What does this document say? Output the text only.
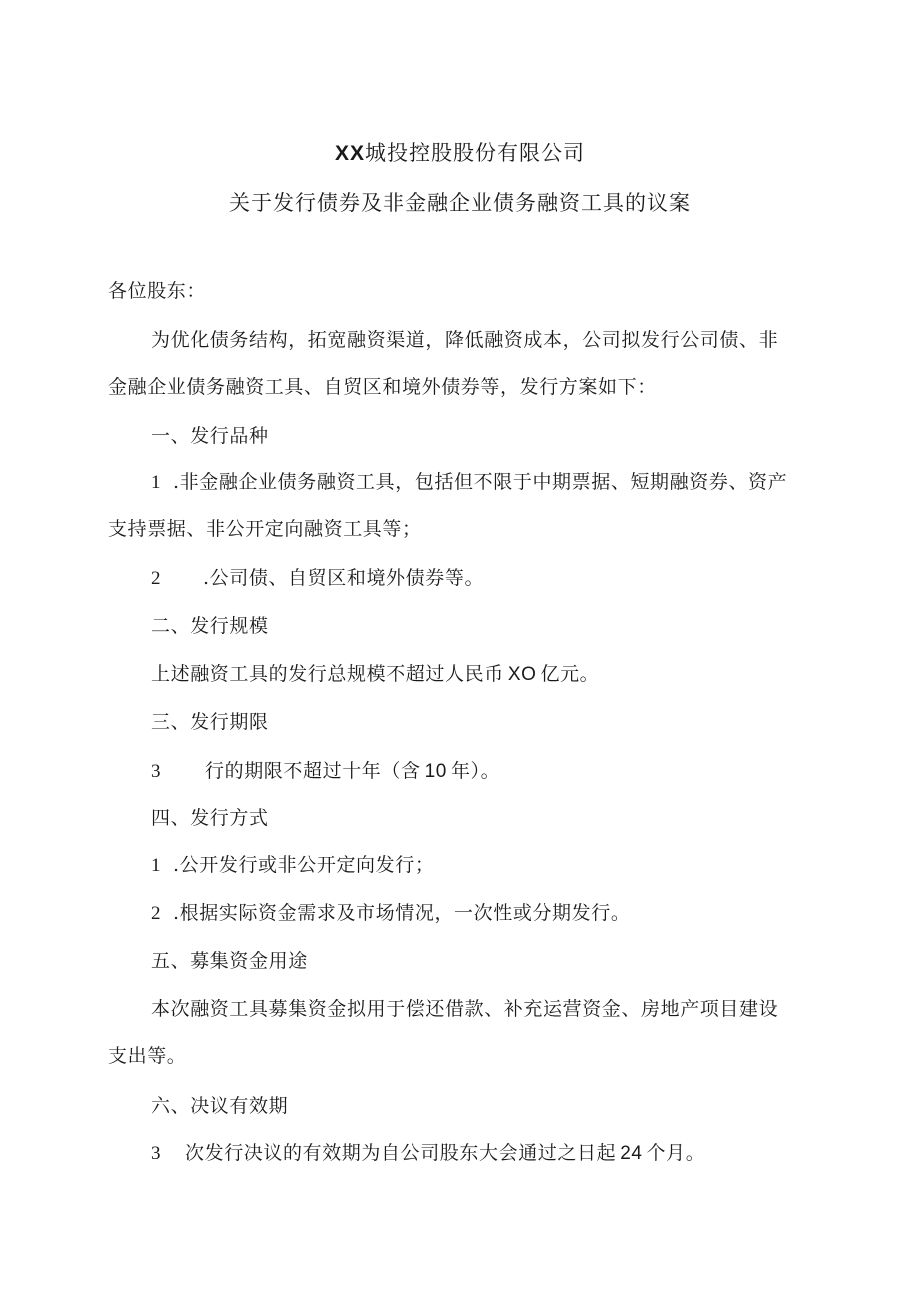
XX城投控股股份有限公司
关于发行债券及非金融企业债务融资工具的议案
各位股东：
为优化债务结构，拓宽融资渠道，降低融资成本，公司拟发行公司债、非
金融企业债务融资工具、自贸区和境外债券等，发行方案如下：
一、发行品种
1 .非金融企业债务融资工具，包括但不限于中期票据、短期融资券、资产
支持票据、非公开定向融资工具等；
2 .公司债、自贸区和境外债券等。
二、发行规模
上述融资工具的发行总规模不超过人民币 XO 亿元。
三、发行期限
3 行的期限不超过十年（含 10 年）。
四、发行方式
1 .公开发行或非公开定向发行；
2 .根据实际资金需求及市场情况，一次性或分期发行。
五、募集资金用途
本次融资工具募集资金拟用于偿还借款、补充运营资金、房地产项目建设
支出等。
六、决议有效期
3 次发行决议的有效期为自公司股东大会通过之日起 24 个月。
